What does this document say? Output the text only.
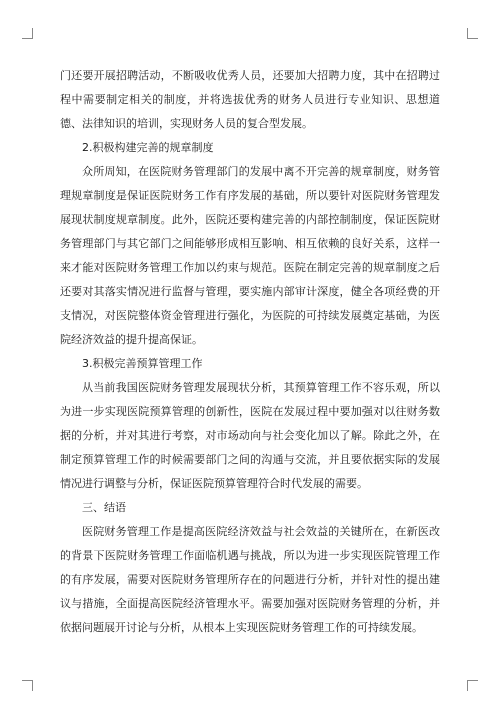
门还要开展招聘活动，不断吸收优秀人员，还要加大招聘力度，其中在招聘过程中需要制定相关的制度，并将选拔优秀的财务人员进行专业知识、思想道德、法律知识的培训，实现财务人员的复合型发展。

2.积极构建完善的规章制度

众所周知，在医院财务管理部门的发展中离不开完善的规章制度，财务管理规章制度是保证医院财务工作有序发展的基础，所以要针对医院财务管理发展现状制度规章制度。此外，医院还要构建完善的内部控制制度，保证医院财务管理部门与其它部门之间能够形成相互影响、相互依赖的良好关系，这样一来才能对医院财务管理工作加以约束与规范。医院在制定完善的规章制度之后还要对其落实情况进行监督与管理，要实施内部审计深度，健全各项经费的开支情况，对医院整体资金管理进行强化，为医院的可持续发展奠定基础，为医院经济效益的提升提高保证。

3.积极完善预算管理工作

从当前我国医院财务管理发展现状分析，其预算管理工作不容乐观，所以为进一步实现医院预算管理的创新性，医院在发展过程中要加强对以往财务数据的分析，并对其进行考察，对市场动向与社会变化加以了解。除此之外，在制定预算管理工作的时候需要部门之间的沟通与交流，并且要依据实际的发展情况进行调整与分析，保证医院预算管理符合时代发展的需要。

三、结语

医院财务管理工作是提高医院经济效益与社会效益的关键所在，在新医改的背景下医院财务管理工作面临机遇与挑战，所以为进一步实现医院管理工作的有序发展，需要对医院财务管理所存在的问题进行分析，并针对性的提出建议与措施，全面提高医院经济管理水平。需要加强对医院财务管理的分析，并依据问题展开讨论与分析，从根本上实现医院财务管理工作的可持续发展。
